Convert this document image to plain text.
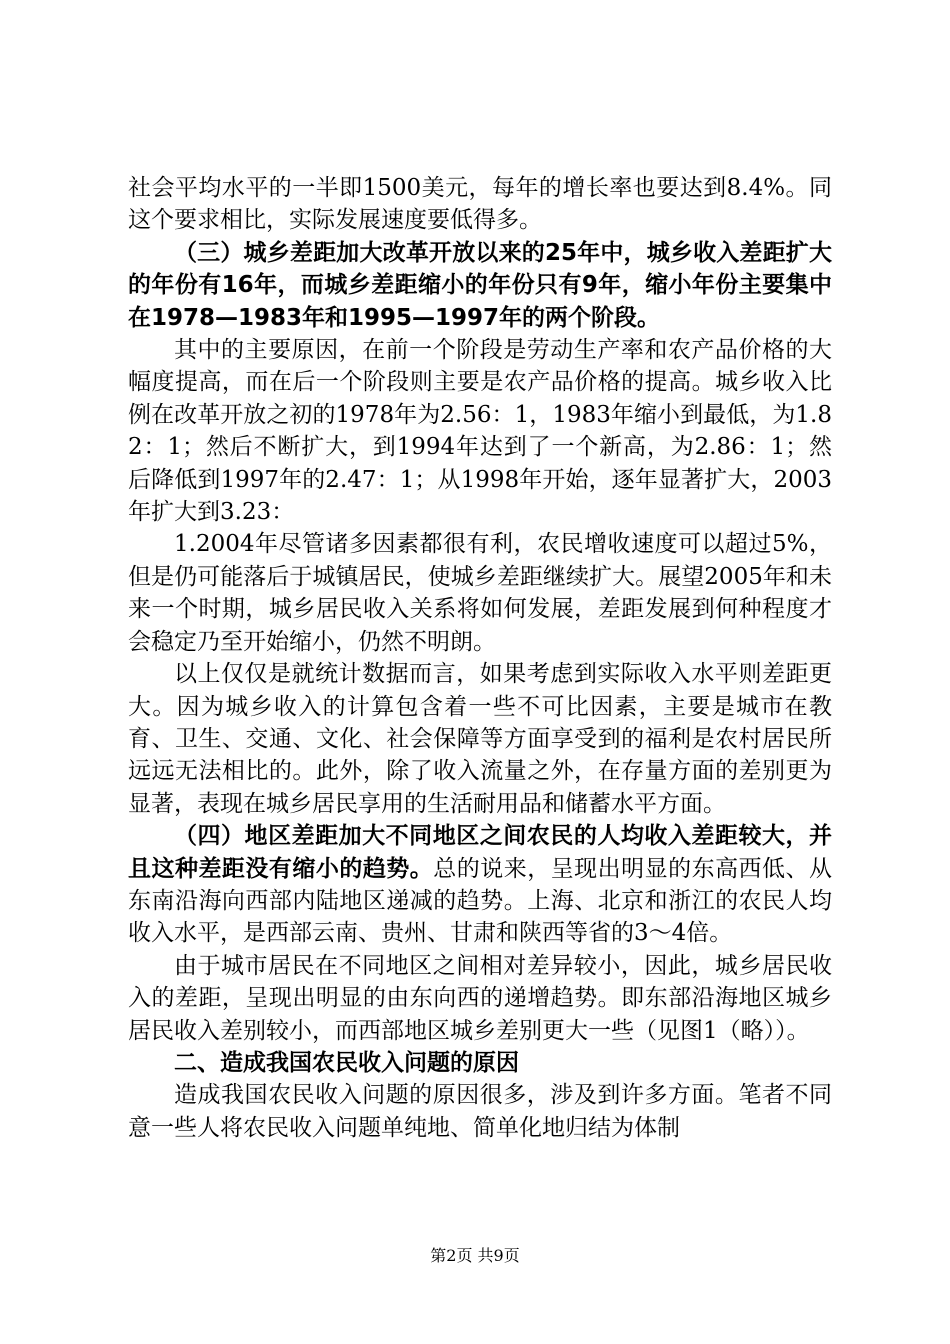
社会平均水平的一半即1500美元，每年的增长率也要达到8.4%。同这个要求相比，实际发展速度要低得多。

（三）城乡差距加大改革开放以来的25年中，城乡收入差距扩大的年份有16年，而城乡差距缩小的年份只有9年，缩小年份主要集中在1978—1983年和1995—1997年的两个阶段。

其中的主要原因，在前一个阶段是劳动生产率和农产品价格的大幅度提高，而在后一个阶段则主要是农产品价格的提高。城乡收入比例在改革开放之初的1978年为2.56：1，1983年缩小到最低，为1.82：1；然后不断扩大，到1994年达到了一个新高，为2.86：1；然后降低到1997年的2.47：1；从1998年开始，逐年显著扩大，2003年扩大到3.23：

1.2004年尽管诸多因素都很有利，农民增收速度可以超过5%，但是仍可能落后于城镇居民，使城乡差距继续扩大。展望2005年和未来一个时期，城乡居民收入关系将如何发展，差距发展到何种程度才会稳定乃至开始缩小，仍然不明朗。

以上仅仅是就统计数据而言，如果考虑到实际收入水平则差距更大。因为城乡收入的计算包含着一些不可比因素，主要是城市在教育、卫生、交通、文化、社会保障等方面享受到的福利是农村居民所远远无法相比的。此外，除了收入流量之外，在存量方面的差别更为显著，表现在城乡居民享用的生活耐用品和储蓄水平方面。

（四）地区差距加大不同地区之间农民的人均收入差距较大，并且这种差距没有缩小的趋势。总的说来，呈现出明显的东高西低、从东南沿海向西部内陆地区递减的趋势。上海、北京和浙江的农民人均收入水平，是西部云南、贵州、甘肃和陕西等省的3～4倍。

由于城市居民在不同地区之间相对差异较小，因此，城乡居民收入的差距，呈现出明显的由东向西的递增趋势。即东部沿海地区城乡居民收入差别较小，而西部地区城乡差别更大一些（见图1（略））。

二、造成我国农民收入问题的原因

造成我国农民收入问题的原因很多，涉及到许多方面。笔者不同意一些人将农民收入问题单纯地、简单化地归结为体制

第2页 共9页
